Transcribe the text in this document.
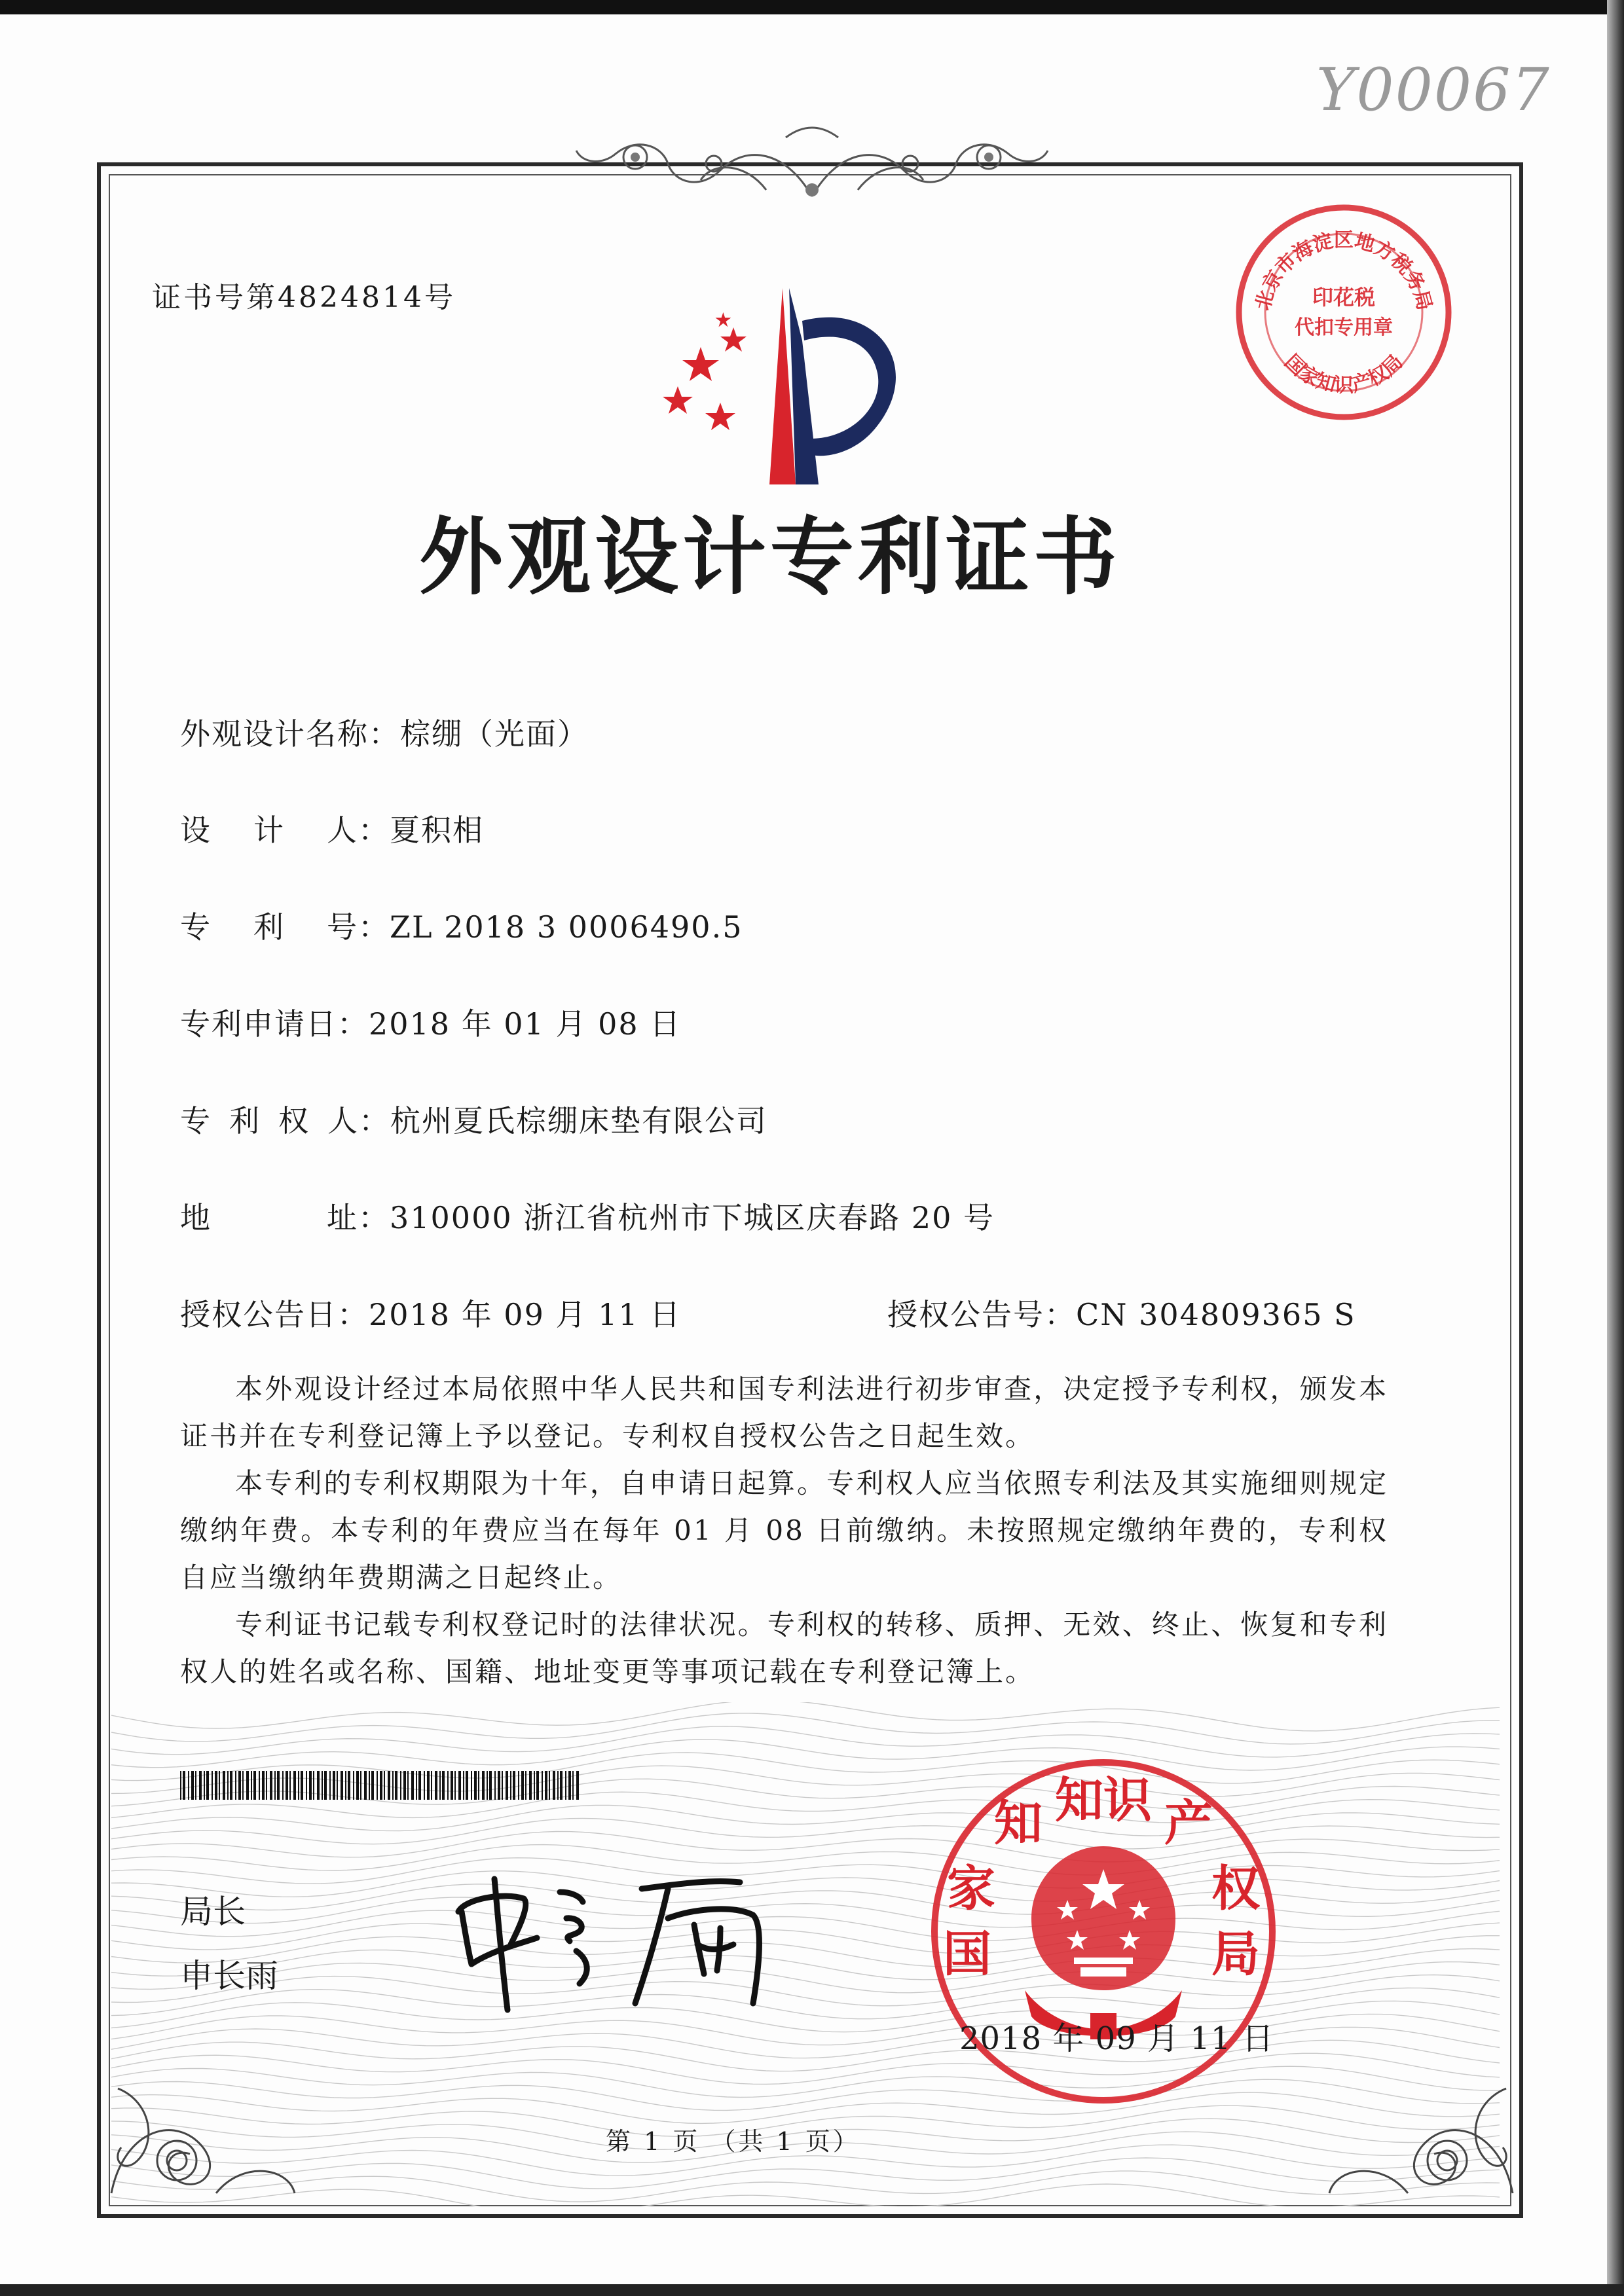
Y00067
证书号第4824814号
外观设计专利证书
外观设计名称：棕绷（光面）
设 计 人：夏积相
专 利 号：ZL 2018 3 0006490.5
专利申请日：2018 年 01 月 08 日
专 利 权 人：杭州夏氏棕绷床垫有限公司
地	址：310000 浙江省杭州市下城区庆春路 20 号
授权公告日：2018 年 09 月 11 日	授权公告号：CN 304809365 S
本外观设计经过本局依照中华人民共和国专利法进行初步审查，决定授予专利权，颁发本证书并在专利登记簿上予以登记。专利权自授权公告之日起生效。
本专利的专利权期限为十年，自申请日起算。专利权人应当依照专利法及其实施细则规定缴纳年费。本专利的年费应当在每年 01 月 08 日前缴纳。未按照规定缴纳年费的，专利权自应当缴纳年费期满之日起终止。
专利证书记载专利权登记时的法律状况。专利权的转移、质押、无效、终止、恢复和专利权人的姓名或名称、国籍、地址变更等事项记载在专利登记簿上。
局长
申长雨
知识
国
家
知	产
权
局
北京市海淀区地方税务局
印花税
代扣专用章
国家知识产权局
2018 年 09 月 11 日
第 1 页 （共 1 页）
